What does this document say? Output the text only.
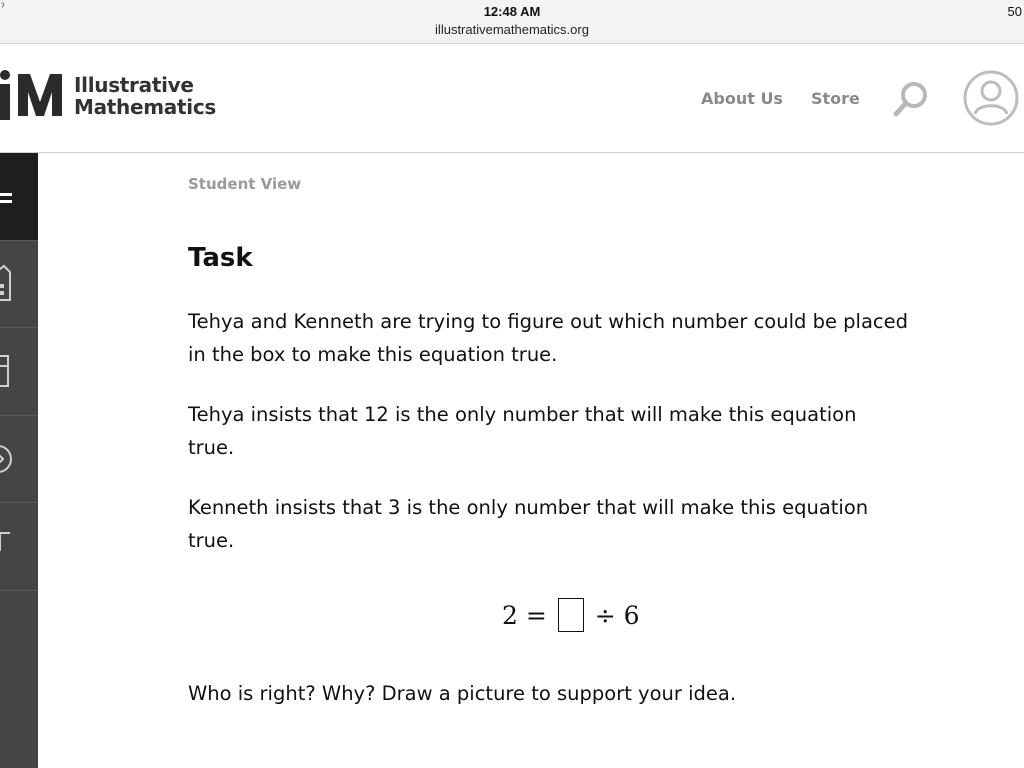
ˀ	12:48 AM
illustrativemathematics.org
50
Illustrative
Mathematics	About Us Store
Student View
Task

Tehya and Kenneth are trying to figure out which number could be placed in the box to make this equation true.

Tehya insists that 12 is the only number that will make this equation true.

Kenneth insists that 3 is the only number that will make this equation true.

2 = ÷ 6

Who is right? Why? Draw a picture to support your idea.
